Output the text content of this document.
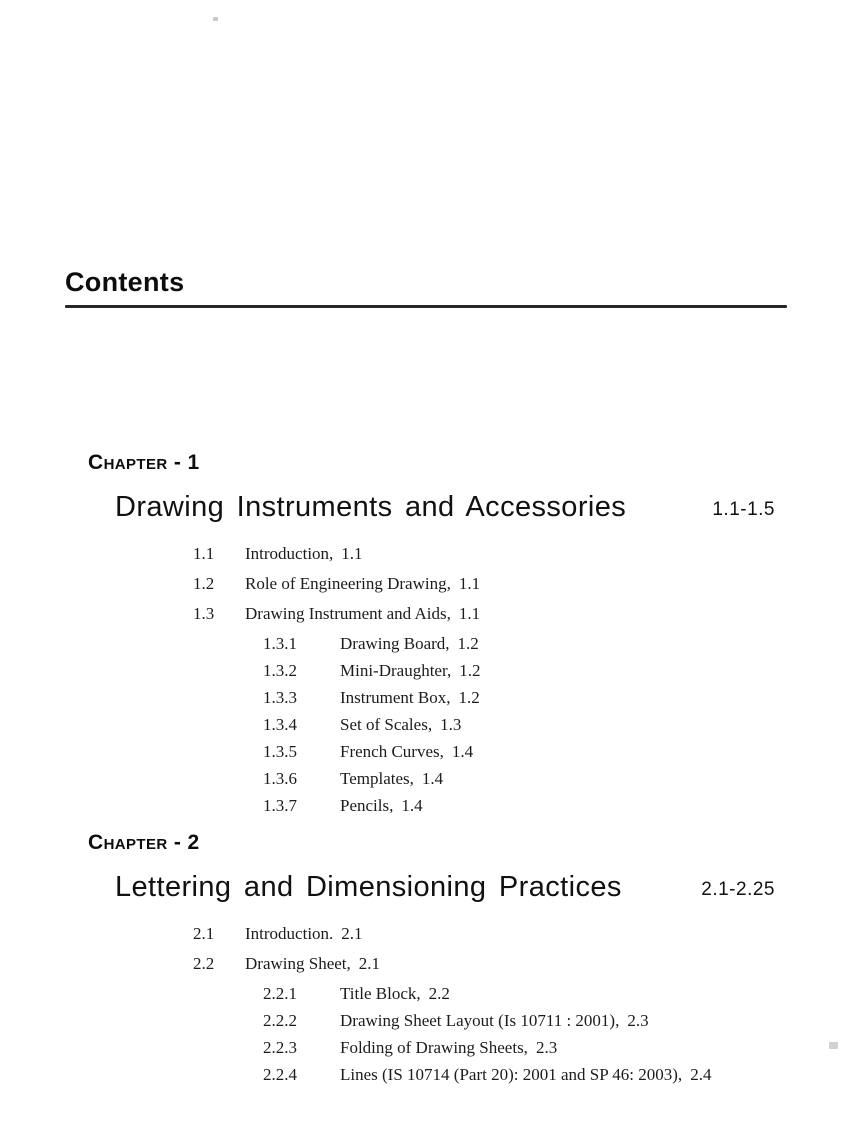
Contents
Chapter - 1
Drawing Instruments and Accessories	1.1-1.5
1.1	Introduction, 1.1
1.2	Role of Engineering Drawing, 1.1
1.3	Drawing Instrument and Aids, 1.1
1.3.1	Drawing Board, 1.2
1.3.2	Mini-Draughter, 1.2
1.3.3	Instrument Box, 1.2
1.3.4	Set of Scales, 1.3
1.3.5	French Curves, 1.4
1.3.6	Templates, 1.4
1.3.7	Pencils, 1.4
Chapter - 2
Lettering and Dimensioning Practices	2.1-2.25
2.1	Introduction. 2.1
2.2	Drawing Sheet, 2.1
2.2.1	Title Block, 2.2
2.2.2	Drawing Sheet Layout (Is 10711 : 2001), 2.3
2.2.3	Folding of Drawing Sheets, 2.3
2.2.4	Lines (IS 10714 (Part 20): 2001 and SP 46: 2003), 2.4
